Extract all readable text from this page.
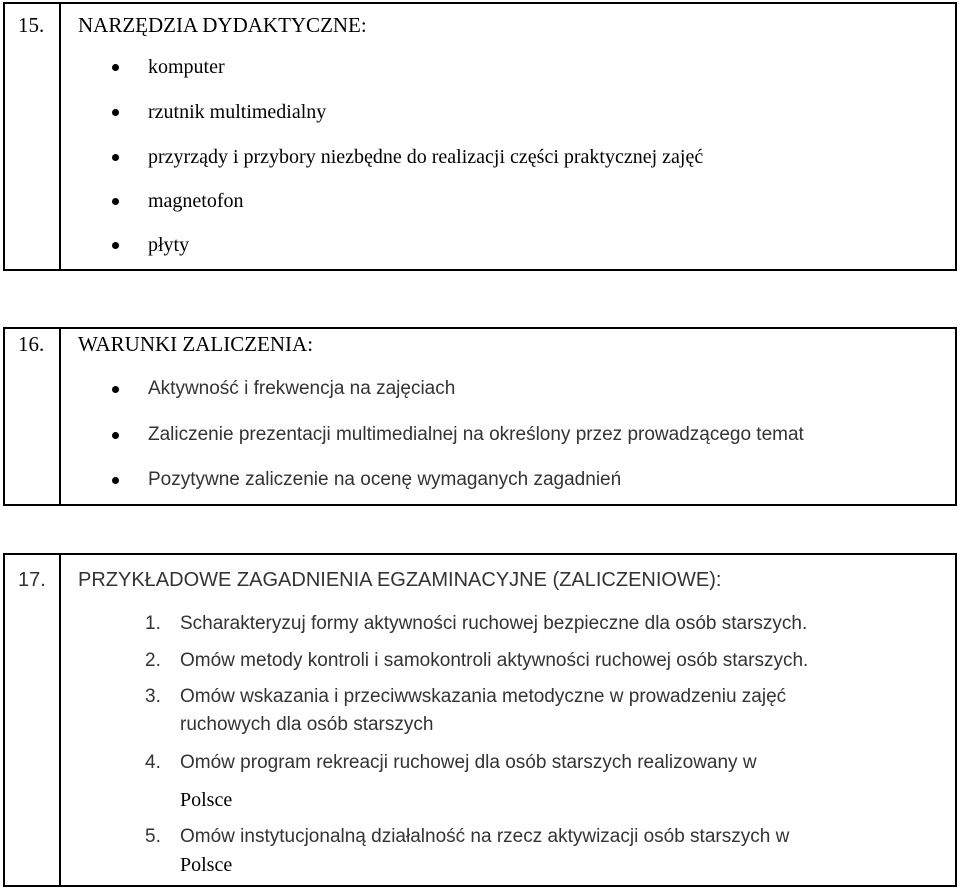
15. NARZĘDZIA DYDAKTYCZNE:
komputer
rzutnik multimedialny
przyrządy i przybory niezbędne do realizacji części praktycznej zajęć
magnetofon
płyty
16. WARUNKI ZALICZENIA:
Aktywność i frekwencja na zajęciach
Zaliczenie prezentacji multimedialnej na określony przez prowadzącego temat
Pozytywne zaliczenie na ocenę wymaganych zagadnień
17. PRZYKŁADOWE ZAGADNIENIA EGZAMINACYJNE (ZALICZENIOWE):
1. Scharakteryzuj formy aktywności ruchowej bezpieczne dla osób starszych.
2. Omów metody kontroli i samokontroli aktywności ruchowej osób starszych.
3. Omów wskazania i przeciwwskazania metodyczne w prowadzeniu zajęć
ruchowych dla osób starszych
4. Omów program rekreacji ruchowej dla osób starszych realizowany w
Polsce
5. Omów instytucjonalną działalność na rzecz aktywizacji osób starszych w
Polsce
